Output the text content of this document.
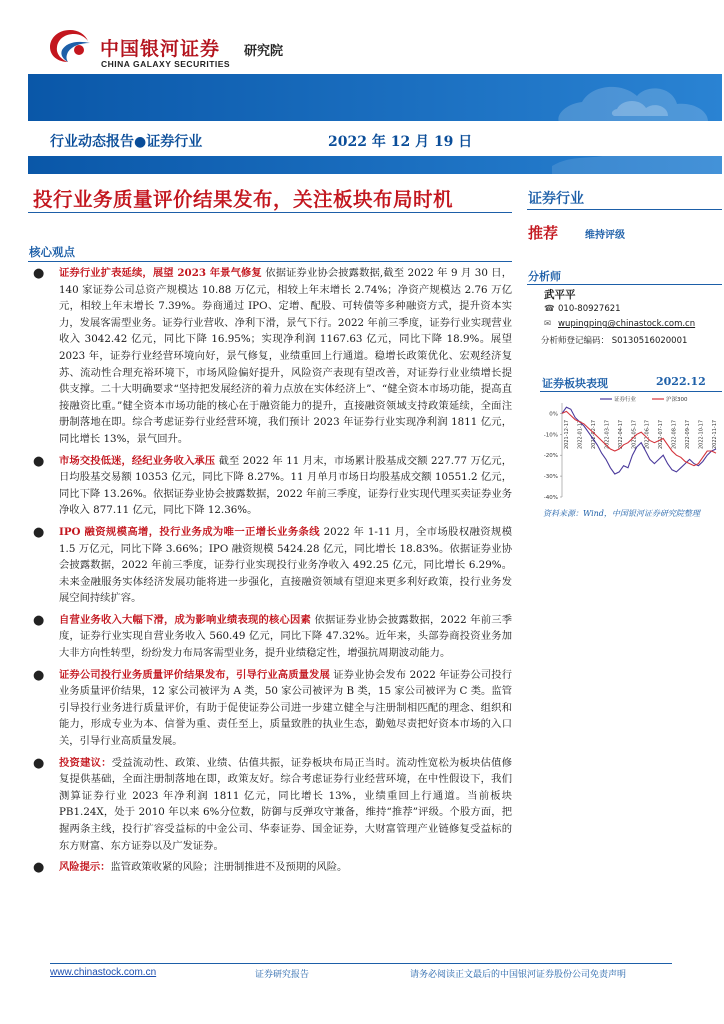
中国银河证券 研究院
CHINA GALAXY SECURITIES
行业动态报告●证券行业	2022 年 12 月 19 日
投行业务质量评价结果发布，关注板块布局时机
核心观点
● 证券行业扩表延续，展望 2023 年景气修复 依据证券业协会披露数据,截至 2022 年 9 月 30 日，140 家证券公司总资产规模达 10.88 万亿元，相较上年末增长 2.74%；净资产规模达 2.76 万亿元，相较上年末增长 7.39%。券商通过 IPO、定增、配股、可转债等多种融资方式，提升资本实力，发展客需型业务。证券行业营收、净利下滑，景气下行。2022 年前三季度，证券行业实现营业收入 3042.42 亿元，同比下降 16.95%；实现净利润 1167.63 亿元，同比下降 18.9%。展望 2023 年，证券行业经营环境向好，景气修复，业绩重回上行通道。稳增长政策优化、宏观经济复苏、流动性合理充裕环境下，市场风险偏好提升，风险资产表现有望改善，对证券行业业绩增长提供支撑。二十大明确要求“坚持把发展经济的着力点放在实体经济上”、“健全资本市场功能，提高直接融资比重。”健全资本市场功能的核心在于融资能力的提升，直接融资领域支持政策延续，全面注册制落地在即。综合考虑证券行业经营环境，我们预计 2023 年证券行业实现净利润 1811 亿元，同比增长 13%，景气回升。
● 市场交投低迷，经纪业务收入承压 截至 2022 年 11 月末，市场累计股基成交额 227.77 万亿元，日均股基交易额 10353 亿元，同比下降 8.27%。11 月单月市场日均股基成交额 10551.2 亿元，同比下降 13.26%。依据证券业协会披露数据，2022 年前三季度，证券行业实现代理买卖证券业务净收入 877.11 亿元，同比下降 12.36%。
● IPO 融资规模高增，投行业务成为唯一正增长业务条线 2022 年 1-11 月，全市场股权融资规模 1.5 万亿元，同比下降 3.66%；IPO 融资规模 5424.28 亿元，同比增长 18.83%。依据证券业协会披露数据，2022 年前三季度，证券行业实现投行业务净收入 492.25 亿元，同比增长 6.29%。未来金融服务实体经济发展功能将进一步强化，直接融资领域有望迎来更多利好政策，投行业务发展空间持续扩容。
● 自营业务收入大幅下滑，成为影响业绩表现的核心因素 依据证券业协会披露数据，2022 年前三季度，证券行业实现自营业务收入 560.49 亿元，同比下降 47.32%。近年来，头部券商投资业务加大非方向性转型，纷纷发力布局客需型业务，提升业绩稳定性，增强抗周期波动能力。
● 证券公司投行业务质量评价结果发布，引导行业高质量发展 证券业协会发布 2022 年证券公司投行业务质量评价结果，12 家公司被评为 A 类，50 家公司被评为 B 类，15 家公司被评为 C 类。监管引导投行业务进行质量评价，有助于促使证券公司进一步建立健全与注册制相匹配的理念、组织和能力，形成专业为本、信誉为重、责任至上，质量致胜的执业生态，勤勉尽责把好资本市场的入口关，引导行业高质量发展。
● 投资建议：受益流动性、政策、业绩、估值共振，证券板块布局正当时。流动性宽松为板块估值修复提供基础，全面注册制落地在即，政策友好。综合考虑证券行业经营环境，在中性假设下，我们测算证券行业 2023 年净利润 1811 亿元，同比增长 13%，业绩重回上行通道。当前板块 PB1.24X，处于 2010 年以来 6%分位数，防御与反弹攻守兼备，维持“推荐”评级。个股方面，把握两条主线，投行扩容受益标的中金公司、华泰证券、国金证券，大财富管理产业链修复受益标的东方财富、东方证券以及广发证券。
● 风险提示：监管政策收紧的风险；注册制推进不及预期的风险。
证券行业
推荐	维持评级
分析师
武平平
☎ 010-80927621
✉ wupingping@chinastock.com.cn
分析师登记编码： S0130516020001
证券板块表现	2022.12
0%
-10%
-20%
-30%
-40%
2021-12-17 2022-01-17 2022-02-17 2022-03-17 2022-04-17 2022-05-17 2022-06-17 2022-07-17 2022-08-17 2022-09-17 2022-10-17 2022-11-17
证券行业	沪深300
资料来源：Wind，中国银河证券研究院整理
www.chinastock.com.cn	证券研究报告	请务必阅读正文最后的中国银河证券股份公司免责声明
